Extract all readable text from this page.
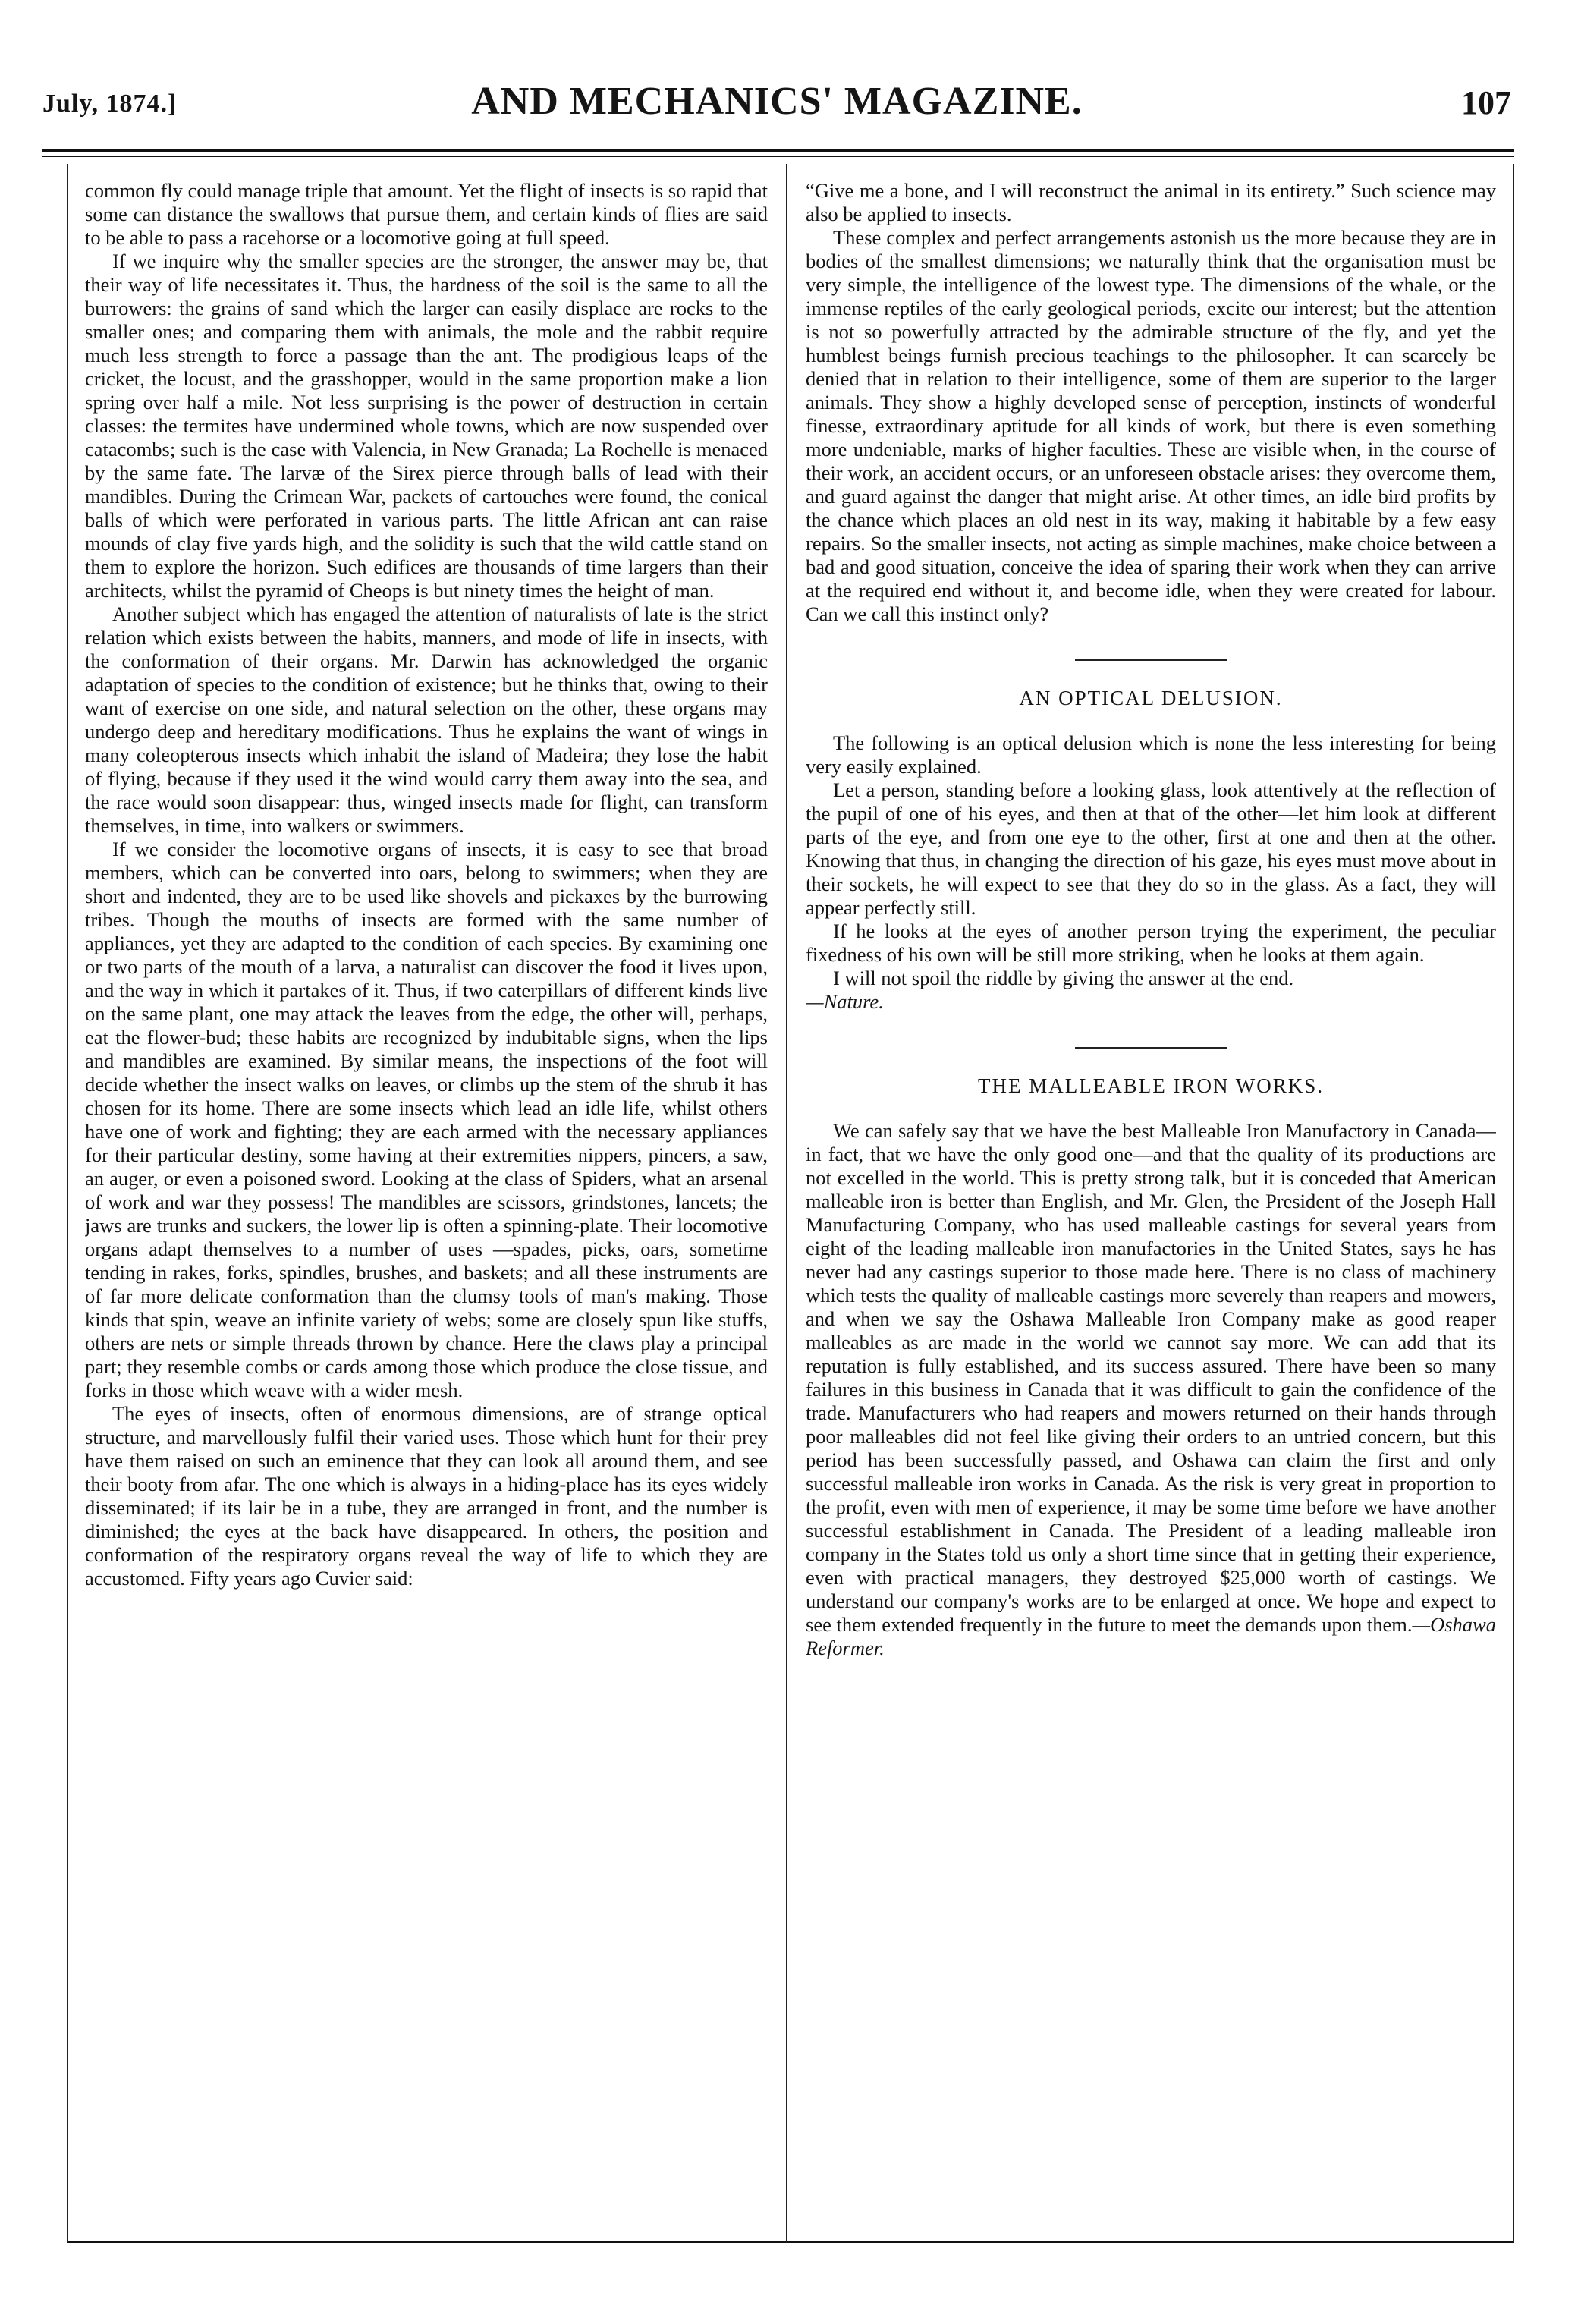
July, 1874.]	AND MECHANICS' MAGAZINE.	107

common fly could manage triple that amount. Yet the flight of insects is so rapid that some can distance the swallows that pursue them, and certain kinds of flies are said to be able to pass a racehorse or a locomotive going at full speed.

If we inquire why the smaller species are the stronger, the answer may be, that their way of life necessitates it. Thus, the hardness of the soil is the same to all the burrowers: the grains of sand which the larger can easily displace are rocks to the smaller ones; and comparing them with animals, the mole and the rabbit require much less strength to force a passage than the ant. The prodigious leaps of the cricket, the locust, and the grasshopper, would in the same proportion make a lion spring over half a mile. Not less surprising is the power of destruction in certain classes: the termites have undermined whole towns, which are now suspended over catacombs; such is the case with Valencia, in New Granada; La Rochelle is menaced by the same fate. The larvæ of the Sirex pierce through balls of lead with their mandibles. During the Crimean War, packets of cartouches were found, the conical balls of which were perforated in various parts. The little African ant can raise mounds of clay five yards high, and the solidity is such that the wild cattle stand on them to explore the horizon. Such edifices are thousands of time largers than their architects, whilst the pyramid of Cheops is but ninety times the height of man.

Another subject which has engaged the attention of naturalists of late is the strict relation which exists between the habits, manners, and mode of life in insects, with the conformation of their organs. Mr. Darwin has acknowledged the organic adaptation of species to the condition of existence; but he thinks that, owing to their want of exercise on one side, and natural selection on the other, these organs may undergo deep and hereditary modifications. Thus he explains the want of wings in many coleopterous insects which inhabit the island of Madeira; they lose the habit of flying, because if they used it the wind would carry them away into the sea, and the race would soon disappear: thus, winged insects made for flight, can transform themselves, in time, into walkers or swimmers.

If we consider the locomotive organs of insects, it is easy to see that broad members, which can be converted into oars, belong to swimmers; when they are short and indented, they are to be used like shovels and pickaxes by the burrowing tribes. Though the mouths of insects are formed with the same number of appliances, yet they are adapted to the condition of each species. By examining one or two parts of the mouth of a larva, a naturalist can discover the food it lives upon, and the way in which it partakes of it. Thus, if two caterpillars of different kinds live on the same plant, one may attack the leaves from the edge, the other will, perhaps, eat the flower-bud; these habits are recognized by indubitable signs, when the lips and mandibles are examined. By similar means, the inspections of the foot will decide whether the insect walks on leaves, or climbs up the stem of the shrub it has chosen for its home. There are some insects which lead an idle life, whilst others have one of work and fighting; they are each armed with the necessary appliances for their particular destiny, some having at their extremities nippers, pincers, a saw, an auger, or even a poisoned sword. Looking at the class of Spiders, what an arsenal of work and war they possess! The mandibles are scissors, grindstones, lancets; the jaws are trunks and suckers, the lower lip is often a spinning-plate. Their locomotive organs adapt themselves to a number of uses —spades, picks, oars, sometime tending in rakes, forks, spindles, brushes, and baskets; and all these instruments are of far more delicate conformation than the clumsy tools of man's making. Those kinds that spin, weave an infinite variety of webs; some are closely spun like stuffs, others are nets or simple threads thrown by chance. Here the claws play a principal part; they resemble combs or cards among those which produce the close tissue, and forks in those which weave with a wider mesh.

The eyes of insects, often of enormous dimensions, are of strange optical structure, and marvellously fulfil their varied uses. Those which hunt for their prey have them raised on such an eminence that they can look all around them, and see their booty from afar. The one which is always in a hiding-place has its eyes widely disseminated; if its lair be in a tube, they are arranged in front, and the number is diminished; the eyes at the back have disappeared. In others, the position and conformation of the respiratory organs reveal the way of life to which they are accustomed. Fifty years ago Cuvier said:

“Give me a bone, and I will reconstruct the animal in its entirety.” Such science may also be applied to insects.

These complex and perfect arrangements astonish us the more because they are in bodies of the smallest dimensions; we naturally think that the organisation must be very simple, the intelligence of the lowest type. The dimensions of the whale, or the immense reptiles of the early geological periods, excite our interest; but the attention is not so powerfully attracted by the admirable structure of the fly, and yet the humblest beings furnish precious teachings to the philosopher. It can scarcely be denied that in relation to their intelligence, some of them are superior to the larger animals. They show a highly developed sense of perception, instincts of wonderful finesse, extraordinary aptitude for all kinds of work, but there is even something more undeniable, marks of higher faculties. These are visible when, in the course of their work, an accident occurs, or an unforeseen obstacle arises: they overcome them, and guard against the danger that might arise. At other times, an idle bird profits by the chance which places an old nest in its way, making it habitable by a few easy repairs. So the smaller insects, not acting as simple machines, make choice between a bad and good situation, conceive the idea of sparing their work when they can arrive at the required end without it, and become idle, when they were created for labour. Can we call this instinct only?

AN OPTICAL DELUSION.

The following is an optical delusion which is none the less interesting for being very easily explained.

Let a person, standing before a looking glass, look attentively at the reflection of the pupil of one of his eyes, and then at that of the other—let him look at different parts of the eye, and from one eye to the other, first at one and then at the other. Knowing that thus, in changing the direction of his gaze, his eyes must move about in their sockets, he will expect to see that they do so in the glass. As a fact, they will appear perfectly still.

If he looks at the eyes of another person trying the experiment, the peculiar fixedness of his own will be still more striking, when he looks at them again.

I will not spoil the riddle by giving the answer at the end.
—Nature.

THE MALLEABLE IRON WORKS.

We can safely say that we have the best Malleable Iron Manufactory in Canada—in fact, that we have the only good one—and that the quality of its productions are not excelled in the world. This is pretty strong talk, but it is conceded that American malleable iron is better than English, and Mr. Glen, the President of the Joseph Hall Manufacturing Company, who has used malleable castings for several years from eight of the leading malleable iron manufactories in the United States, says he has never had any castings superior to those made here. There is no class of machinery which tests the quality of malleable castings more severely than reapers and mowers, and when we say the Oshawa Malleable Iron Company make as good reaper malleables as are made in the world we cannot say more. We can add that its reputation is fully established, and its success assured. There have been so many failures in this business in Canada that it was difficult to gain the confidence of the trade. Manufacturers who had reapers and mowers returned on their hands through poor malleables did not feel like giving their orders to an untried concern, but this period has been successfully passed, and Oshawa can claim the first and only successful malleable iron works in Canada. As the risk is very great in proportion to the profit, even with men of experience, it may be some time before we have another successful establishment in Canada. The President of a leading malleable iron company in the States told us only a short time since that in getting their experience, even with practical managers, they destroyed $25,000 worth of castings. We understand our company's works are to be enlarged at once. We hope and expect to see them extended frequently in the future to meet the demands upon them.—Oshawa Reformer.
